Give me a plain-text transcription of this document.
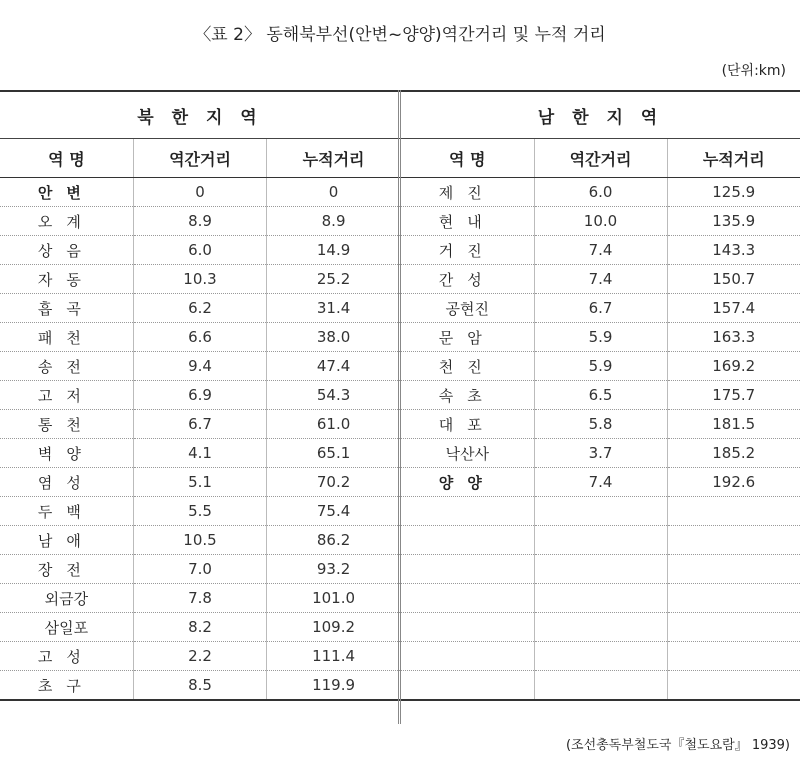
〈표 2〉 동해북부선(안변~양양)역간거리 및 누적 거리
(단위:km)
북 한 지 역		
역 명	역간거리	누적거리
안변	0	0
오계	8.9	8.9
상음	6.0	14.9
자동	10.3	25.2
흡곡	6.2	31.4
패천	6.6	38.0
송전	9.4	47.4
고저	6.9	54.3
통천	6.7	61.0
벽양	4.1	65.1
염성	5.1	70.2
두백	5.5	75.4
남애	10.5	86.2
장전	7.0	93.2
외금강	7.8	101.0
삼일포	8.2	109.2
고성	2.2	111.4
초구	8.5	119.9
남 한 지 역		
역 명	역간거리	누적거리
제진	6.0	125.9
현내	10.0	135.9
거진	7.4	143.3
간성	7.4	150.7
공현진	6.7	157.4
문암	5.9	163.3
천진	5.9	169.2
속초	6.5	175.7
대포	5.8	181.5
낙산사	3.7	185.2
양양	7.4	192.6

(조선총독부철도국『철도요람』 1939)
